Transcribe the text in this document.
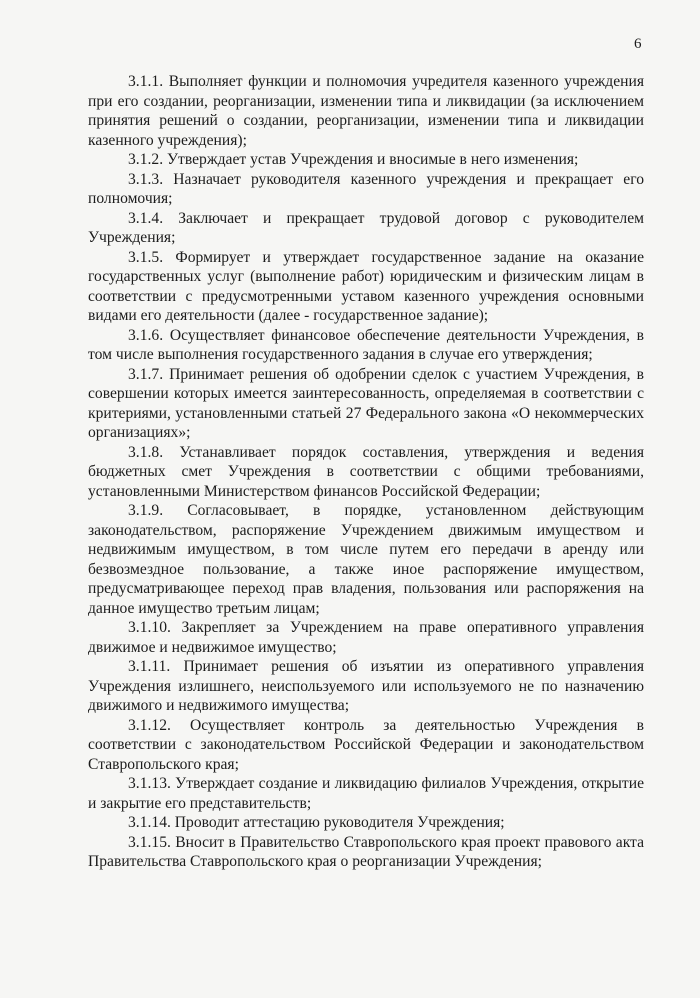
6

3.1.1. Выполняет функции и полномочия учредителя казенного учреждения при его создании, реорганизации, изменении типа и ликвидации (за исключением принятия решений о создании, реорганизации, изменении типа и ликвидации казенного учреждения);

3.1.2. Утверждает устав Учреждения и вносимые в него изменения;

3.1.3. Назначает руководителя казенного учреждения и прекращает его полномочия;

3.1.4. Заключает и прекращает трудовой договор с руководителем Учреждения;

3.1.5. Формирует и утверждает государственное задание на оказание государственных услуг (выполнение работ) юридическим и физическим лицам в соответствии с предусмотренными уставом казенного учреждения основными видами его деятельности (далее - государственное задание);

3.1.6. Осуществляет финансовое обеспечение деятельности Учреждения, в том числе выполнения государственного задания в случае его утверждения;

3.1.7. Принимает решения об одобрении сделок с участием Учреждения, в совершении которых имеется заинтересованность, определяемая в соответствии с критериями, установленными статьей 27 Федерального закона «О некоммерческих организациях»;

3.1.8. Устанавливает порядок составления, утверждения и ведения бюджетных смет Учреждения в соответствии с общими требованиями, установленными Министерством финансов Российской Федерации;

3.1.9. Согласовывает, в порядке, установленном действующим законодательством, распоряжение Учреждением движимым имуществом и недвижимым имуществом, в том числе путем его передачи в аренду или безвозмездное пользование, а также иное распоряжение имуществом, предусматривающее переход прав владения, пользования или распоряжения на данное имущество третьим лицам;

3.1.10. Закрепляет за Учреждением на праве оперативного управления движимое и недвижимое имущество;

3.1.11. Принимает решения об изъятии из оперативного управления Учреждения излишнего, неиспользуемого или используемого не по назначению движимого и недвижимого имущества;

3.1.12. Осуществляет контроль за деятельностью Учреждения в соответствии с законодательством Российской Федерации и законодательством Ставропольского края;

3.1.13. Утверждает создание и ликвидацию филиалов Учреждения, открытие и закрытие его представительств;

3.1.14. Проводит аттестацию руководителя Учреждения;

3.1.15. Вносит в Правительство Ставропольского края проект правового акта Правительства Ставропольского края о реорганизации Учреждения;
